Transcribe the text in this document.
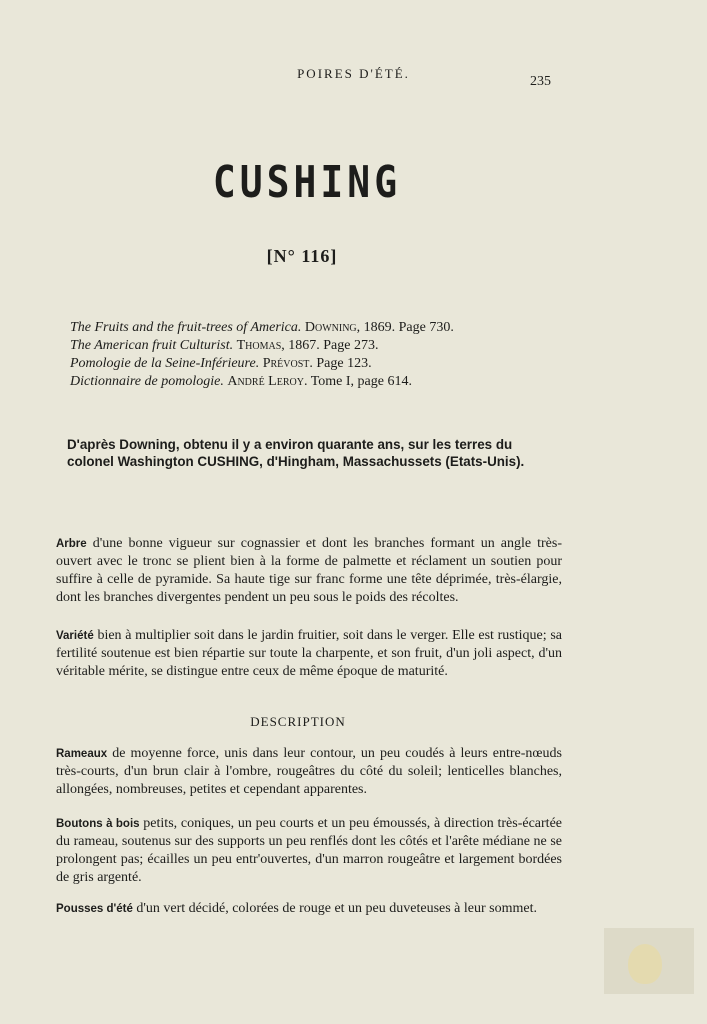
POIRES D'ÉTÉ.
235
CUSHING
[N° 116]
The Fruits and the fruit-trees of America. Downing, 1869. Page 730.
The American fruit Culturist. Thomas, 1867. Page 273.
Pomologie de la Seine-Inférieure. Prévost. Page 123.
Dictionnaire de pomologie. André Leroy. Tome I, page 614.
D'après Downing, obtenu il y a environ quarante ans, sur les terres du colonel Washington CUSHING, d'Hingham, Massachussets (Etats-Unis).
Arbre d'une bonne vigueur sur cognassier et dont les branches formant un angle très-ouvert avec le tronc se plient bien à la forme de palmette et réclament un soutien pour suffire à celle de pyramide. Sa haute tige sur franc forme une tête déprimée, très-élargie, dont les branches divergentes pendent un peu sous le poids des récoltes.
Variété bien à multiplier soit dans le jardin fruitier, soit dans le verger. Elle est rustique; sa fertilité soutenue est bien répartie sur toute la charpente, et son fruit, d'un joli aspect, d'un véritable mérite, se distingue entre ceux de même époque de maturité.
DESCRIPTION
Rameaux de moyenne force, unis dans leur contour, un peu coudés à leurs entre-nœuds très-courts, d'un brun clair à l'ombre, rougeâtres du côté du soleil; lenticelles blanches, allongées, nombreuses, petites et cependant apparentes.
Boutons à bois petits, coniques, un peu courts et un peu émoussés, à direction très-écartée du rameau, soutenus sur des supports un peu renflés dont les côtés et l'arête médiane ne se prolongent pas; écailles un peu entr'ouvertes, d'un marron rougeâtre et largement bordées de gris argenté.
Pousses d'été d'un vert décidé, colorées de rouge et un peu duveteuses à leur sommet.
